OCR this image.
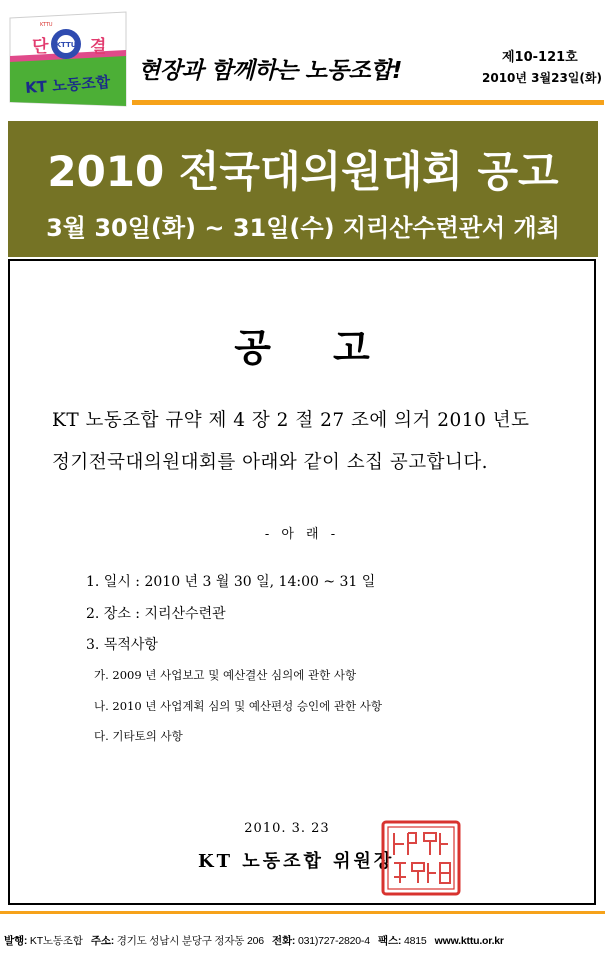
KTTU
단 결
KT 노동조합
KTTU
현장과 함께하는 노동조합!
제10-121호
2010년 3월23일(화)
2010 전국대의원대회 공고
3월 30일(화) ~ 31일(수) 지리산수련관서 개최
공고
KT 노동조합 규약 제 4 장 2 절 27 조에 의거 2010 년도
정기전국대의원대회를 아래와 같이 소집 공고합니다.
- 아 래 -
1. 일시 : 2010 년 3 월 30 일, 14:00 ~ 31 일
2. 장소 : 지리산수련관
3. 목적사항
가. 2009 년 사업보고 및 예산결산 심의에 관한 사항
나. 2010 년 사업계획 심의 및 예산편성 승인에 관한 사항
다. 기타토의 사항
2010. 3. 23
KT 노동조합 위원장
발행: KT노동조합 주소: 경기도 성남시 분당구 정자동 206 전화: 031)727-2820-4 팩스: 4815 www.kttu.or.kr
